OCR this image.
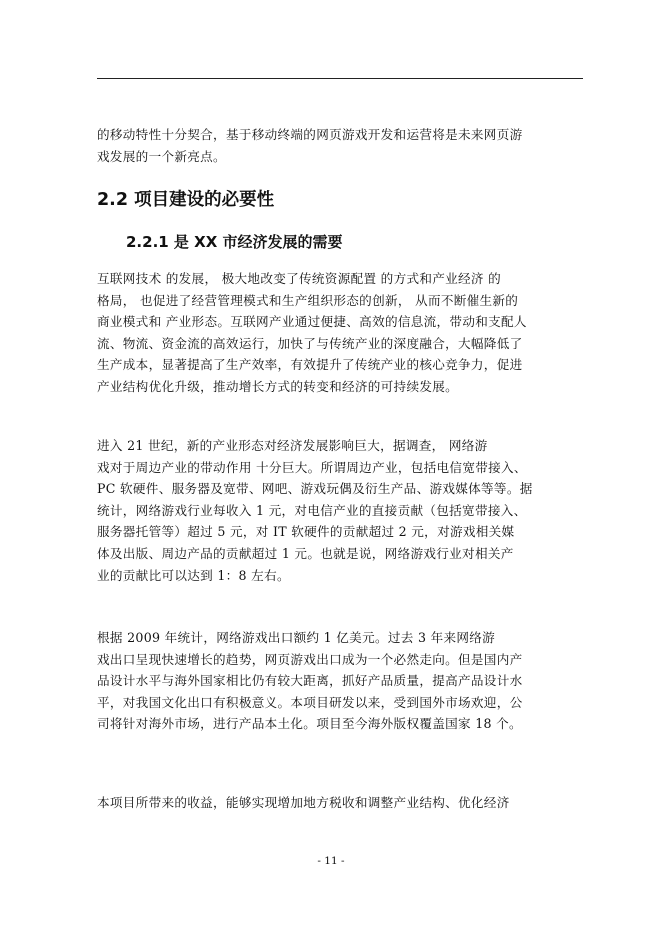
的移动特性十分契合，基于移动终端的网页游戏开发和运营将是未来网页游
戏发展的一个新亮点。

2.2 项目建设的必要性
2.2.1 是 XX 市经济发展的需要

互联网技术 的发展， 极大地改变了传统资源配置 的方式和产业经济 的
格局， 也促进了经营管理模式和生产组织形态的创新， 从而不断催生新的
商业模式和 产业形态。互联网产业通过便捷、高效的信息流，带动和支配人
流、物流、资金流的高效运行，加快了与传统产业的深度融合，大幅降低了
生产成本，显著提高了生产效率，有效提升了传统产业的核心竞争力，促进
产业结构优化升级，推动增长方式的转变和经济的可持续发展。

进入 21 世纪，新的产业形态对经济发展影响巨大，据调查， 网络游
戏对于周边产业的带动作用 十分巨大。所谓周边产业，包括电信宽带接入、
PC 软硬件、服务器及宽带、网吧、游戏玩偶及衍生产品、游戏媒体等等。据
统计，网络游戏行业每收入 1 元，对电信产业的直接贡献（包括宽带接入、
服务器托管等）超过 5 元，对 IT 软硬件的贡献超过 2 元，对游戏相关媒
体及出版、周边产品的贡献超过 1 元。也就是说，网络游戏行业对相关产
业的贡献比可以达到 1：8 左右。

根据 2009 年统计，网络游戏出口额约 1 亿美元。过去 3 年来网络游
戏出口呈现快速增长的趋势，网页游戏出口成为一个必然走向。但是国内产
品设计水平与海外国家相比仍有较大距离，抓好产品质量，提高产品设计水
平，对我国文化出口有积极意义。本项目研发以来，受到国外市场欢迎，公
司将针对海外市场，进行产品本土化。项目至今海外版权覆盖国家 18 个。

本项目所带来的收益，能够实现增加地方税收和调整产业结构、优化经济

- 11 -
